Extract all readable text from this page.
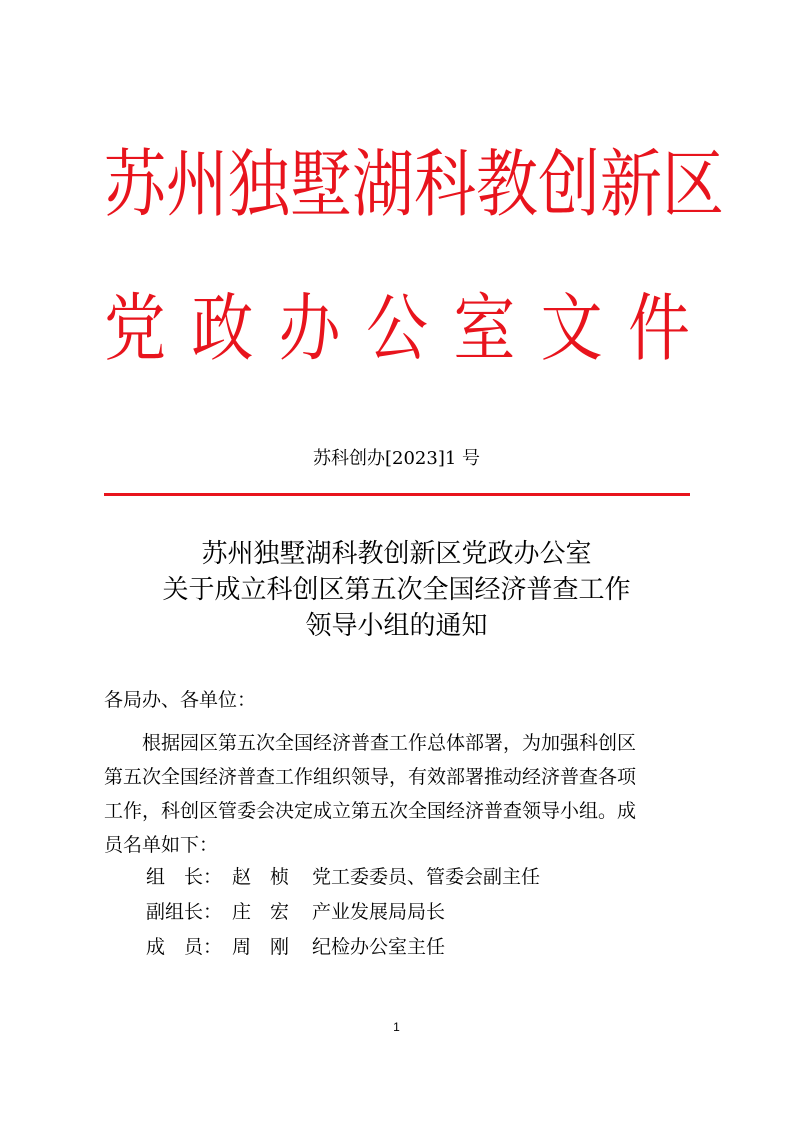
苏 州 独 墅 湖 科 教 创 新 区
党 政 办 公 室 文 件
苏科创办[2023]1 号
苏州独墅湖科教创新区党政办公室
关于成立科创区第五次全国经济普查工作
领导小组的通知
各局办、各单位：
　　根据园区第五次全国经济普查工作总体部署，为加强科创区
第五次全国经济普查工作组织领导，有效部署推动经济普查各项
工作，科创区管委会决定成立第五次全国经济普查领导小组。成
员名单如下：
组　长： 赵　桢 党工委委员、管委会副主任
副组长： 庄　宏 产业发展局局长
成　员： 周　刚 纪检办公室主任
1
